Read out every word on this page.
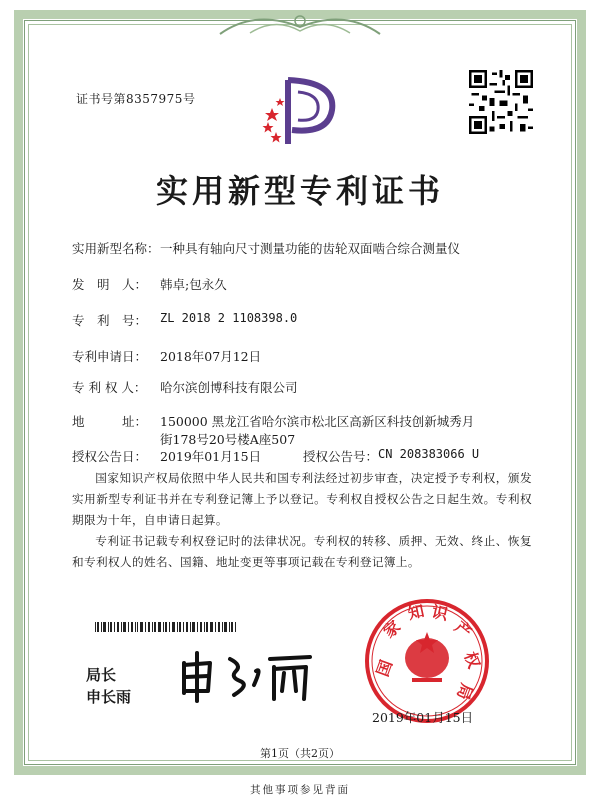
证书号第8357975号
实用新型专利证书
实用新型名称： 一种具有轴向尺寸测量功能的齿轮双面啮合综合测量仪
发　明　人： 韩卓;包永久
专　利　号： ZL 2018 2 1108398.0
专利申请日： 2018年07月12日
专 利 权 人： 哈尔滨创博科技有限公司
地　　　址： 150000 黑龙江省哈尔滨市松北区高新区科技创新城秀月
街178号20号楼A座507
授权公告日： 2019年01月15日	授权公告号： CN 208383066 U
国家知识产权局依照中华人民共和国专利法经过初步审查，决定授予专利权，颁发实用新型专利证书并在专利登记簿上予以登记。专利权自授权公告之日起生效。专利权期限为十年，自申请日起算。
专利证书记载专利权登记时的法律状况。专利权的转移、质押、无效、终止、恢复和专利权人的姓名、国籍、地址变更等事项记载在专利登记簿上。
局长
申长雨
国
家
知 识
产
权
局
2019年01月15日
第1页（共2页）
其他事项参见背面
